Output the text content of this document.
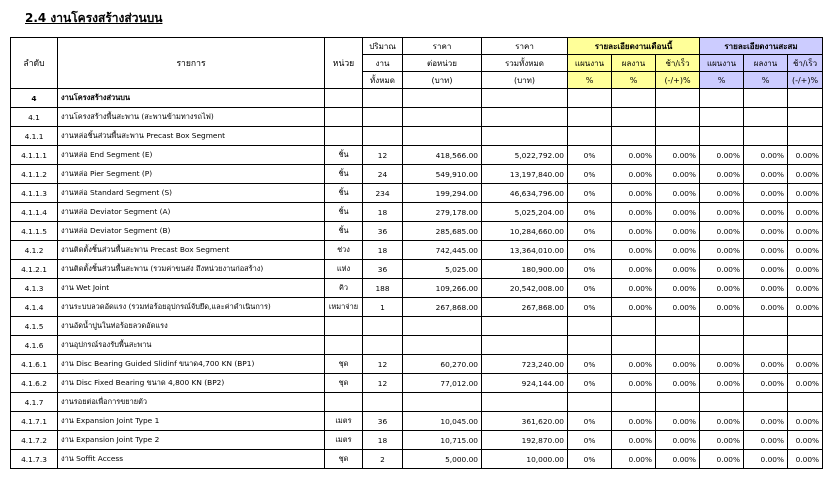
2.4 งานโครงสร้างส่วนบน
ลำดับ	รายการ	หน่วย	ปริมาณ	ราคา	ราคา	รายละเอียดงานเดือนนี้			รายละเอียดงานสะสม		
			งาน	ต่อหน่วย	รวมทั้งหมด	แผนงาน	ผลงาน	ช้า/เร็ว	แผนงาน	ผลงาน	ช้า/เร็ว
			ทั้งหมด	(บาท)	(บาท)	%	%	(-/+)%	%	%	(-/+)%
4	งานโครงสร้างส่วนบน										
4.1	งานโครงสร้างพื้นสะพาน (สะพานข้ามทางรถไฟ)										
4.1.1	งานหล่อชิ้นส่วนพื้นสะพาน Precast Box Segment										
4.1.1.1	งานหล่อ End Segment (E)	ชิ้น	12	418,566.00	5,022,792.00	0%	0.00%	0.00%	0.00%	0.00%	0.00%
4.1.1.2	งานหล่อ Pier Segment (P)	ชิ้น	24	549,910.00	13,197,840.00	0%	0.00%	0.00%	0.00%	0.00%	0.00%
4.1.1.3	งานหล่อ Standard Segment (S)	ชิ้น	234	199,294.00	46,634,796.00	0%	0.00%	0.00%	0.00%	0.00%	0.00%
4.1.1.4	งานหล่อ Deviator Segment (A)	ชิ้น	18	279,178.00	5,025,204.00	0%	0.00%	0.00%	0.00%	0.00%	0.00%
4.1.1.5	งานหล่อ Deviator Segment (B)	ชิ้น	36	285,685.00	10,284,660.00	0%	0.00%	0.00%	0.00%	0.00%	0.00%
4.1.2	งานติดตั้งชิ้นส่วนพื้นสะพาน Precast Box Segment	ช่วง	18	742,445.00	13,364,010.00	0%	0.00%	0.00%	0.00%	0.00%	0.00%
4.1.2.1	งานติดตั้งชิ้นส่วนพื้นสะพาน (รวมค่าขนส่ง ถึงหน่วยงานก่อสร้าง)	แห่ง	36	5,025.00	180,900.00	0%	0.00%	0.00%	0.00%	0.00%	0.00%
4.1.3	งาน Wet Joint	คิว	188	109,266.00	20,542,008.00	0%	0.00%	0.00%	0.00%	0.00%	0.00%
4.1.4	งานระบบลวดอัดแรง (รวมท่อร้อยอุปกรณ์จับยึด,และค่าดำเนินการ)	เหมาจ่าย	1	267,868.00	267,868.00	0%	0.00%	0.00%	0.00%	0.00%	0.00%
4.1.5	งานอัดน้ำปูนในท่อร้อยลวดอัดแรง										
4.1.6	งานอุปกรณ์รองรับพื้นสะพาน										
4.1.6.1	งาน Disc Bearing Guided Slidinf ขนาด4,700 KN (BP1)	ชุด	12	60,270.00	723,240.00	0%	0.00%	0.00%	0.00%	0.00%	0.00%
4.1.6.2	งาน Disc Fixed Bearing ขนาด 4,800 KN (BP2)	ชุด	12	77,012.00	924,144.00	0%	0.00%	0.00%	0.00%	0.00%	0.00%
4.1.7	งานรอยต่อเพื่อการขยายตัว										
4.1.7.1	งาน Expansion Joint Type 1	เมตร	36	10,045.00	361,620.00	0%	0.00%	0.00%	0.00%	0.00%	0.00%
4.1.7.2	งาน Expansion Joint Type 2	เมตร	18	10,715.00	192,870.00	0%	0.00%	0.00%	0.00%	0.00%	0.00%
4.1.7.3	งาน Soffit Access	ชุด	2	5,000.00	10,000.00	0%	0.00%	0.00%	0.00%	0.00%	0.00%
